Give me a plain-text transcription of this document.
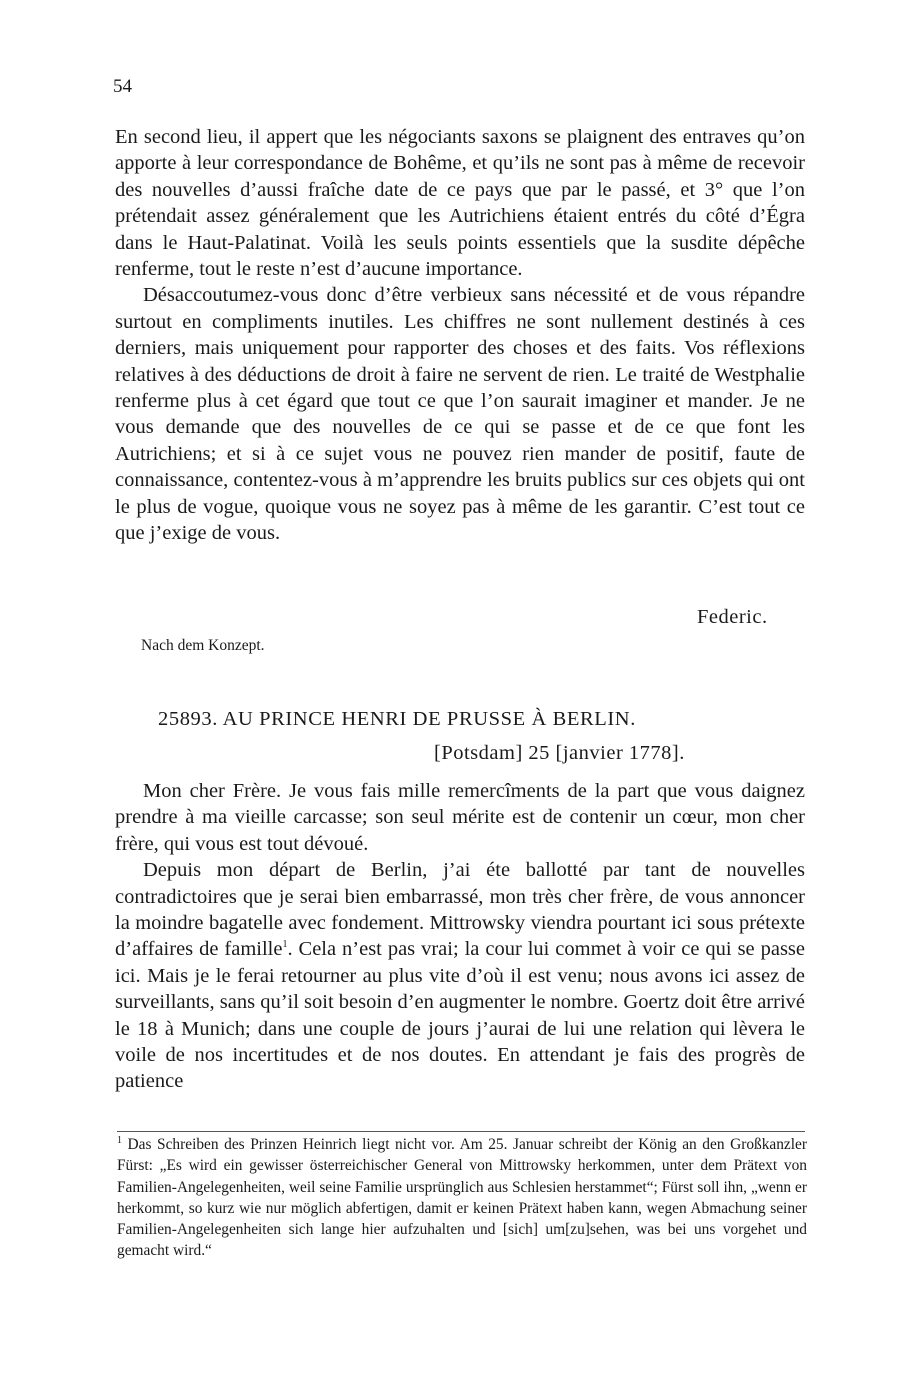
54

En second lieu, il appert que les négociants saxons se plaignent des entraves qu’on apporte à leur correspondance de Bohême, et qu’ils ne sont pas à même de recevoir des nouvelles d’aussi fraîche date de ce pays que par le passé, et 3° que l’on prétendait assez généralement que les Autrichiens étaient entrés du côté d’Égra dans le Haut-Palatinat. Voilà les seuls points essentiels que la susdite dépêche renferme, tout le reste n’est d’aucune importance.

Désaccoutumez-vous donc d’être verbieux sans nécessité et de vous répandre surtout en compliments inutiles. Les chiffres ne sont nullement destinés à ces derniers, mais uniquement pour rapporter des choses et des faits. Vos réflexions relatives à des déductions de droit à faire ne servent de rien. Le traité de Westphalie renferme plus à cet égard que tout ce que l’on saurait imaginer et mander. Je ne vous demande que des nouvelles de ce qui se passe et de ce que font les Autrichiens; et si à ce sujet vous ne pouvez rien mander de positif, faute de connaissance, contentez-vous à m’apprendre les bruits publics sur ces objets qui ont le plus de vogue, quoique vous ne soyez pas à même de les garantir. C’est tout ce que j’exige de vous.

Federic.
Nach dem Konzept.
25893. AU PRINCE HENRI DE PRUSSE À BERLIN.
[Potsdam] 25 [janvier 1778].

Mon cher Frère. Je vous fais mille remercîments de la part que vous daignez prendre à ma vieille carcasse; son seul mérite est de contenir un cœur, mon cher frère, qui vous est tout dévoué.

Depuis mon départ de Berlin, j’ai éte ballotté par tant de nouvelles contradictoires que je serai bien embarrassé, mon très cher frère, de vous annoncer la moindre bagatelle avec fondement. Mittrowsky viendra pourtant ici sous prétexte d’affaires de famille$^1$. Cela n’est pas vrai; la cour lui commet à voir ce qui se passe ici. Mais je le ferai retourner au plus vite d’où il est venu; nous avons ici assez de surveillants, sans qu’il soit besoin d’en augmenter le nombre. Goertz doit être arrivé le 18 à Munich; dans une couple de jours j’aurai de lui une relation qui lèvera le voile de nos incertitudes et de nos doutes. En attendant je fais des progrès de patience

$^1$ Das Schreiben des Prinzen Heinrich liegt nicht vor. Am 25. Januar schreibt der König an den Großkanzler Fürst: „Es wird ein gewisser österreichischer General von Mittrowsky herkommen, unter dem Prätext von Familien-Angelegenheiten, weil seine Familie ursprünglich aus Schlesien herstammet“; Fürst soll ihn, „wenn er herkommt, so kurz wie nur möglich abfertigen, damit er keinen Prätext haben kann, wegen Abmachung seiner Familien-Angelegenheiten sich lange hier aufzuhalten und [sich] um[zu]sehen, was bei uns vorgehet und gemacht wird.“
